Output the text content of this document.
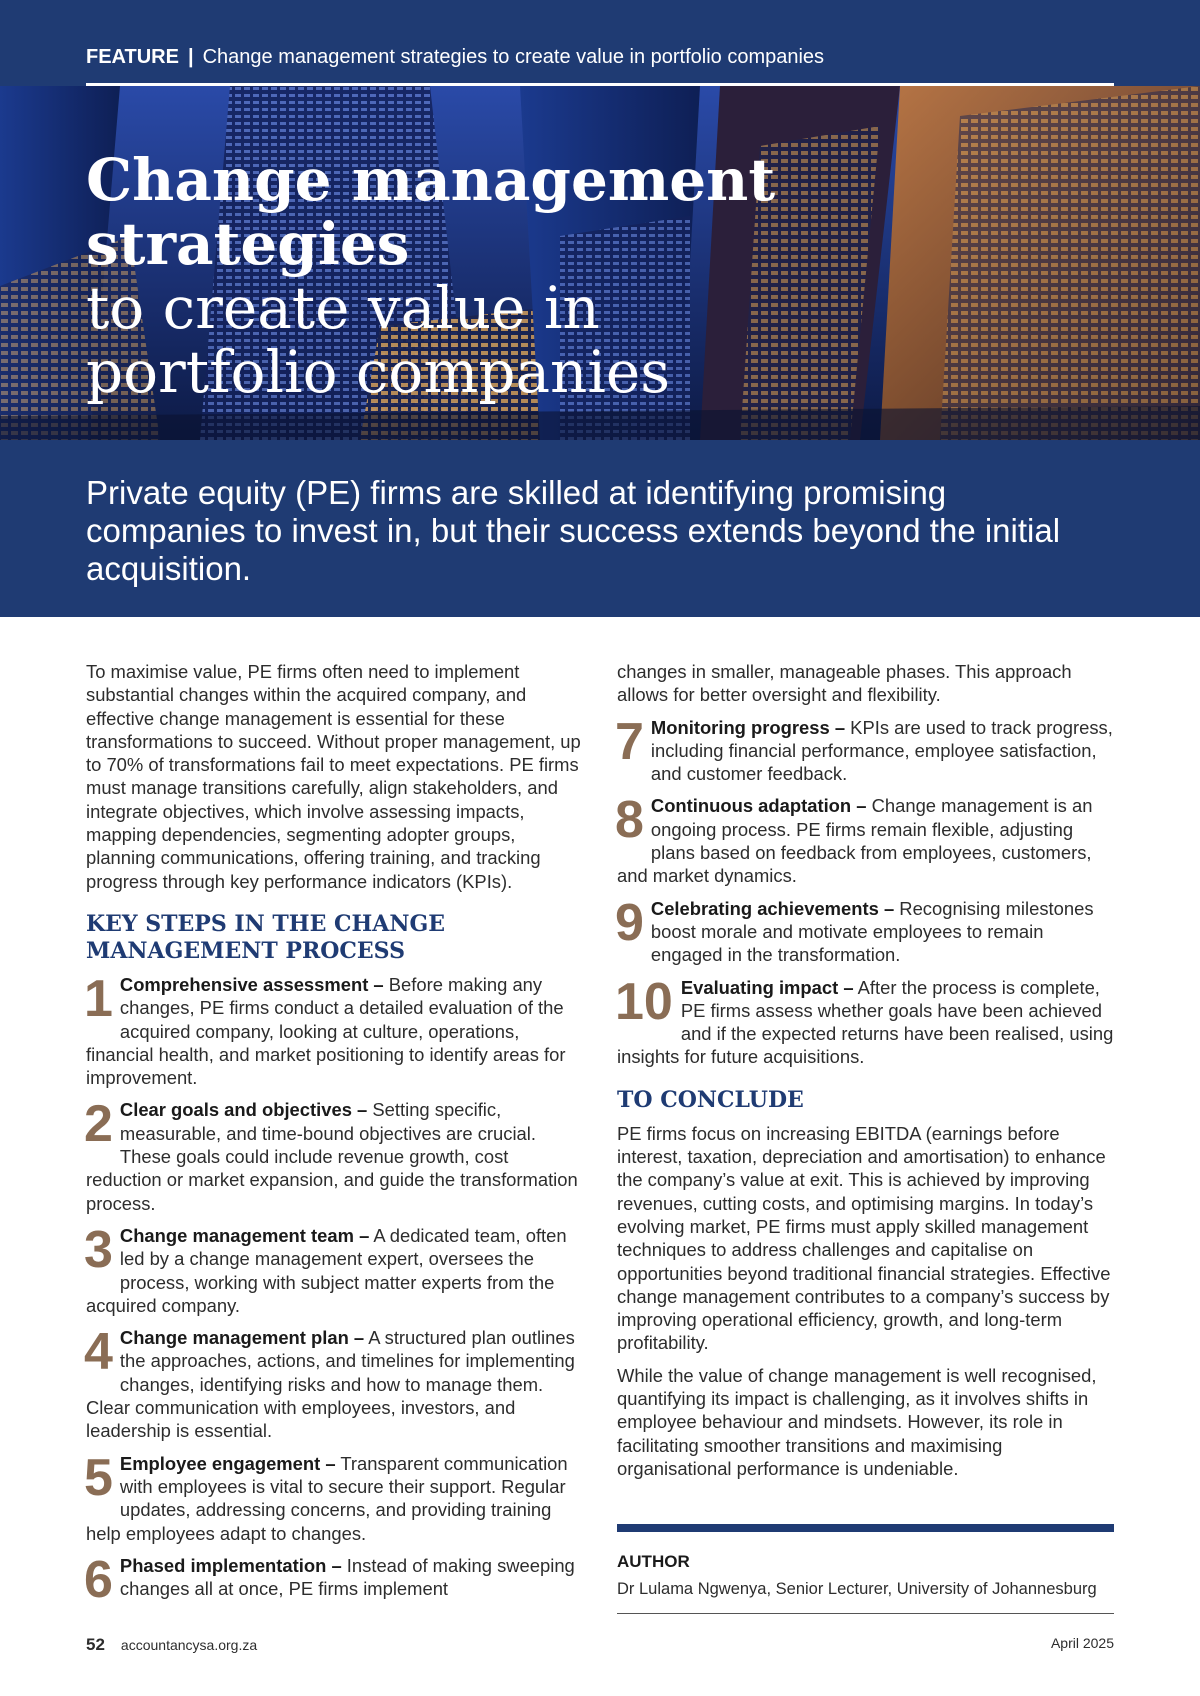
FEATURE | Change management strategies to create value in portfolio companies
Change management strategies
to create value in
portfolio companies

Private equity (PE) firms are skilled at identifying promising companies to invest in, but their success extends beyond the initial acquisition.

To maximise value, PE firms often need to implement substantial changes within the acquired company, and effective change management is essential for these transformations to succeed. Without proper management, up to 70% of transformations fail to meet expectations. PE firms must manage transitions carefully, align stakeholders, and integrate objectives, which involve assessing impacts, mapping dependencies, segmenting adopter groups, planning communications, offering training, and tracking progress through key performance indicators (KPIs).

KEY STEPS IN THE CHANGE MANAGEMENT PROCESS
1 Comprehensive assessment – Before making any changes, PE firms conduct a detailed evaluation of the acquired company, looking at culture, operations, financial health, and market positioning to identify areas for improvement.
2 Clear goals and objectives – Setting specific, measurable, and time-bound objectives are crucial. These goals could include revenue growth, cost reduction or market expansion, and guide the transformation process.
3 Change management team – A dedicated team, often led by a change management expert, oversees the process, working with subject matter experts from the acquired company.
4 Change management plan – A structured plan outlines the approaches, actions, and timelines for implementing changes, identifying risks and how to manage them. Clear communication with employees, investors, and leadership is essential.
5 Employee engagement – Transparent communication with employees is vital to secure their support. Regular updates, addressing concerns, and providing training help employees adapt to changes.
6 Phased implementation – Instead of making sweeping changes all at once, PE firms implement

changes in smaller, manageable phases. This approach allows for better oversight and flexibility.

7 Monitoring progress – KPIs are used to track progress, including financial performance, employee satisfaction, and customer feedback.
8 Continuous adaptation – Change management is an ongoing process. PE firms remain flexible, adjusting plans based on feedback from employees, customers, and market dynamics.
9 Celebrating achievements – Recognising milestones boost morale and motivate employees to remain engaged in the transformation.
10 Evaluating impact – After the process is complete, PE firms assess whether goals have been achieved and if the expected returns have been realised, using insights for future acquisitions.
TO CONCLUDE

PE firms focus on increasing EBITDA (earnings before interest, taxation, depreciation and amortisation) to enhance the company’s value at exit. This is achieved by improving revenues, cutting costs, and optimising margins. In today’s evolving market, PE firms must apply skilled management techniques to address challenges and capitalise on opportunities beyond traditional financial strategies. Effective change management contributes to a company’s success by improving operational efficiency, growth, and long-term profitability.

While the value of change management is well recognised, quantifying its impact is challenging, as it involves shifts in employee behaviour and mindsets. However, its role in facilitating smoother transitions and maximising organisational performance is undeniable.

AUTHOR
Dr Lulama Ngwenya, Senior Lecturer, University of Johannesburg
52 accountancysa.org.za	April 2025
